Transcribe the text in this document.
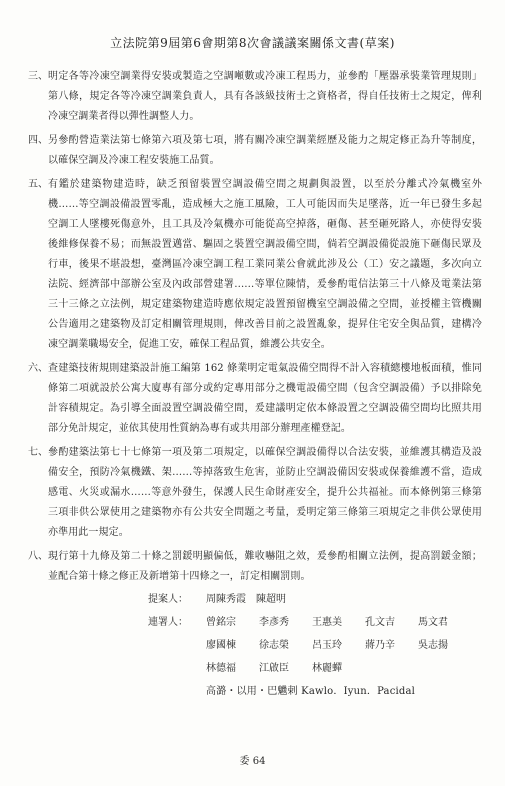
立法院第9屆第6會期第8次會議議案關係文書(草案)
三、 明定各等冷凍空調業得安裝或製造之空調噸數或冷凍工程馬力，並參酌「壓器承裝業管理規則」第八條，規定各等冷凍空調業負責人，具有各該級技術士之資格者，得自任技術士之規定，俾利冷凍空調業者得以彈性調整人力。
四、 另參酌營造業法第七條第六項及第七項，將有關冷凍空調業經歷及能力之規定修正為升等制度，以確保空調及冷凍工程安裝施工品質。
五、 有鑑於建築物建造時，缺乏預留裝置空調設備空間之規劃與設置，以至於分離式冷氣機室外機……等空調設備設置零亂，造成極大之施工風險，工人可能因而失足墜落，近一年已發生多起空調工人墜樓死傷意外，且工具及冷氣機亦可能從高空掉落，砸傷、甚至砸死路人，亦使得安裝後維修保養不易；而無設置邁當、驅固之裝置空調設備空間，倘若空調設備從設施下砸傷民眾及行車，後果不堪設想，臺灣區冷凍空調工程工業同業公會就此涉及公（工）安之議題，多次向立法院、經濟部中部辦公室及內政部營建署……等單位陳情，爰參酌電信法第三十八條及電業法第三十三條之立法例，規定建築物建造時應依規定設置預留機室空調設備之空間，並授權主管機關公告適用之建築物及訂定相關管理規則，俾改善目前之設置亂象，提昇住宅安全與品質，建構冷凍空調業職場安全，促進工安，確保工程品質，維護公共安全。
六、 查建築技術規則建築設計施工編第 162 條業明定電氣設備空間得不計入容積總樓地板面積，惟同條第二項就設於公寓大廈專有部分或約定專用部分之機電設備空間（包含空調設備）予以排除免計容積規定。為引導全面設置空調設備空間，爰建議明定依本條設置之空調設備空間均比照共用部分免計規定，並依其使用性質納為專有或共用部分辦理產權登記。
七、 參酌建築法第七十七條第一項及第二項規定，以確保空調設備得以合法安裝，並維護其構造及設備安全，預防冷氣機鐵、架……等掉落致生危害，並防止空調設備因安裝或保養維護不當，造成感電、火災或漏水……等意外發生，保護人民生命財產安全，提升公共福祉。而本條例第三條第三項非供公眾使用之建築物亦有公共安全問題之考量，爰明定第三條第三項規定之非供公眾使用亦準用此一規定。
八、 現行第十九條及第二十條之罰鍰明顯偏低，難收嚇阻之效，爰參酌相關立法例，提高罰鍰金額；並配合第十條之修正及新增第十四條之一，訂定相關罰則。
提案人：	周陳秀霞　陳超明
連署人：	曾銘宗	李彥秀	王惠美	孔文吉	馬文君
廖國棟	徐志榮	呂玉玲	蔣乃辛	吳志揚
林德福	江啟臣	林麗蟬
高潞・以用・巴魕剌 Kawlo．Iyun．Pacidal
委 64
